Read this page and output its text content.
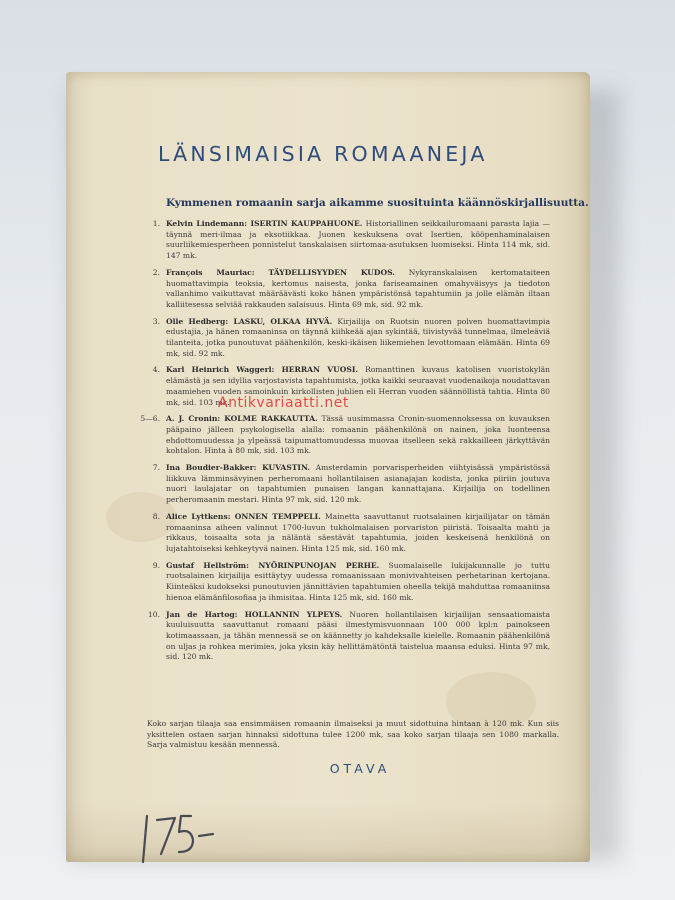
LÄNSIMAISIA ROMAANEJA
Kymmenen romaanin sarja aikamme suosituinta käännöskirjallisuutta.
1. Kelvin Lindemann: ISERTIN KAUPPAHUONE. Historiallinen seikkailuromaani parasta lajia — täynnä meri-ilmaa ja eksotiikkaa. Juonen keskuksena ovat Isertien, kööpenhaminalaisen suurliikemiesperheen ponnistelut tanskalaisen siirtomaa-asutuksen luomiseksi. Hinta 114 mk, sid. 147 mk.
2. François Mauriac: TÄYDELLISYYDEN KUDOS. Nykyranskalaisen kertomataiteen huomattavimpia teoksia, kertomus naisesta, jonka fariseamainen omahyväisyys ja tiedoton vallanhimo vaikuttavat määräävästi koko hänen ympäristönsä tapahtumiin ja jolle elämän iltaan kalliitesessa selviää rakkauden salaisuus. Hinta 69 mk, sid. 92 mk.
3. Olle Hedberg: LASKU, OLKAA HYVÄ. Kirjailija on Ruotsin nuoren polven huomattavimpia edustajia, ja hänen romaaninsa on täynnä kiihkeää ajan sykintää, tiivistyvää tunnelmaa, ilmeleäviä tilanteita, jotka punoutuvat päähenkilön, keski-ikäisen liikemiehen levottomaan elämään. Hinta 69 mk, sid. 92 mk.
4. Karl Heinrich Waggerl: HERRAN VUOSI. Romanttinen kuvaus katolisen vuoristokylän elämästä ja sen idyllia varjostavista tapahtumista, jotka kaikki seuraavat vuodenaikoja noudattavan maamiehen vuoden samoinkuin kirkollisten juhlien eli Herran vuoden säännöllistä tahtia. Hinta 80 mk, sid. 103 mk.
5—6. A. J. Cronin: KOLME RAKKAUTTA. Tässä uusimmassa Cronin-suomennoksessa on kuvauksen pääpaino jälleen psykologisella alalla: romaanin päähenkilönä on nainen, joka luonteensa ehdottomuudessa ja ylpeässä taipumattomuudessa muovaa itselleen sekä rakkailleen järkyttävän kohtalon. Hinta à 80 mk, sid. 103 mk.
7. Ina Boudier-Bakker: KUVASTIN. Amsterdamin porvarisperheiden viihtyisässä ympäristössä liikkuva lämminsävyinen perheromaani hollantilaisen asianajajan kodista, jonka piiriin joutuva nuori laulajatar on tapahtumien punaisen langan kannattajana. Kirjailija on todellinen perheromaanin mestari. Hinta 97 mk, sid. 120 mk.
8. Alice Lyttkens: ONNEN TEMPPELI. Mainetta saavuttanut ruotsalainen kirjailijatar on tämän romaaninsa aiheen valinnut 1700-luvun tukholmalaisen porvariston piiristä. Toisaalta mahti ja rikkaus, toisaalta sota ja näläntä säestävät tapahtumia, joiden keskeisenä henkilönä on lujatahtoiseksi kehkeytyvä nainen. Hinta 125 mk, sid. 160 mk.
9. Gustaf Hellström: NYÖRINPUNOJAN PERHE. Suomalaiselle lukijakunnalle jo tuttu ruotsalainen kirjailija esittäytyy uudessa romaanissaan monivivahteisen perhetarinan kertojana. Kiinteäksi kudokseksi punoutuvien jännittävien tapahtumien oheella tekijä mahduttaa romaaniinsa hienoa elämänfilosofiaa ja ihmisitaa. Hinta 125 mk, sid. 160 mk.
10. Jan de Hartog: HOLLANNIN YLPEYS. Nuoren hollantilaisen kirjailijan sensaatiomaista kuuluisuutta saavuttanut romaani pääsi ilmestymisvuonnaan 100 000 kpl:n painokseen kotimaassaan, ja tähän mennessä se on käännetty jo kahdeksalle kielelle. Romaanin päähenkilönä on uljas ja rohkea merimies, joka yksin käy hellittämätöntä taistelua maansa eduksi. Hinta 97 mk, sid. 120 mk.
Koko sarjan tilaaja saa ensimmäisen romaanin ilmaiseksi ja muut sidottuina hintaan à 120 mk. Kun siis yksittelen ostaen sarjan hinnaksi sidottuna tulee 1200 mk, saa koko sarjan tilaaja sen 1080 markalla. Sarja valmistuu kesään mennessä.
OTAVA
Antikvariaatti.net
